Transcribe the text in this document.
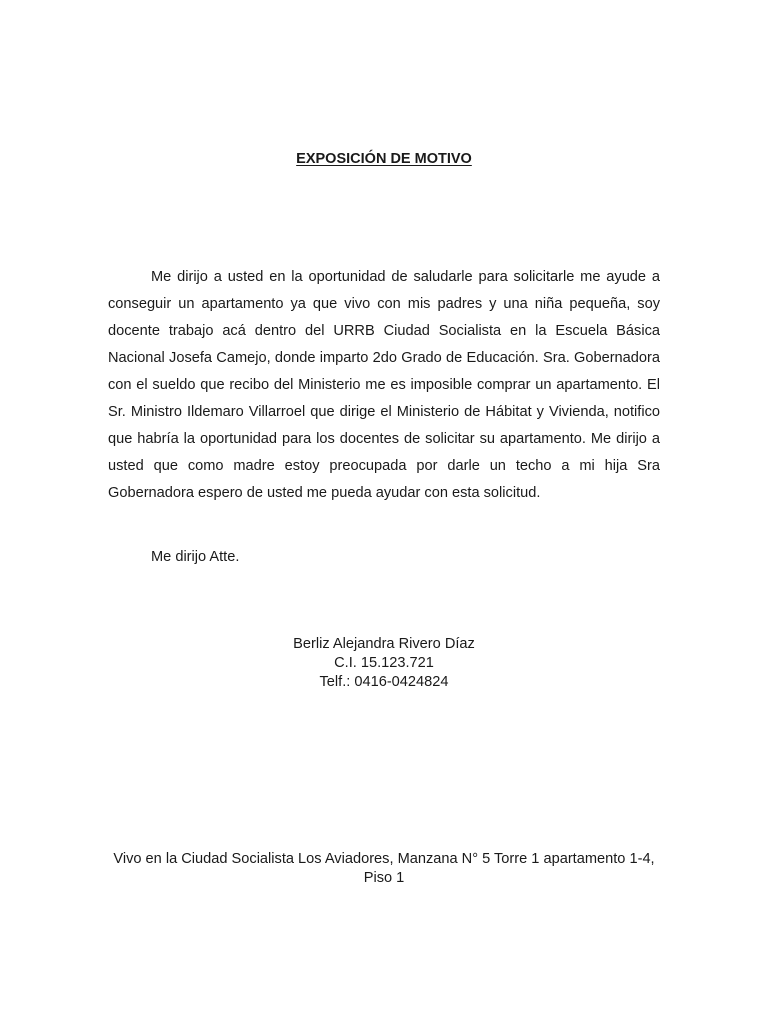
EXPOSICIÓN DE MOTIVO

Me dirijo a usted en la oportunidad de saludarle para solicitarle me ayude a conseguir un apartamento ya que vivo con mis padres y una niña pequeña, soy docente trabajo acá dentro del URRB Ciudad Socialista en la Escuela Básica Nacional Josefa Camejo, donde imparto 2do Grado de Educación. Sra. Gobernadora con el sueldo que recibo del Ministerio me es imposible comprar un apartamento. El Sr. Ministro Ildemaro Villarroel que dirige el Ministerio de Hábitat y Vivienda, notifico que habría la oportunidad para los docentes de solicitar su apartamento. Me dirijo a usted que como madre estoy preocupada por darle un techo a mi hija Sra Gobernadora espero de usted me pueda ayudar con esta solicitud.

Me dirijo Atte.

Berliz Alejandra Rivero Díaz
C.I. 15.123.721
Telf.: 0416-0424824
Vivo en la Ciudad Socialista Los Aviadores, Manzana N° 5 Torre 1 apartamento 1-4, Piso 1
